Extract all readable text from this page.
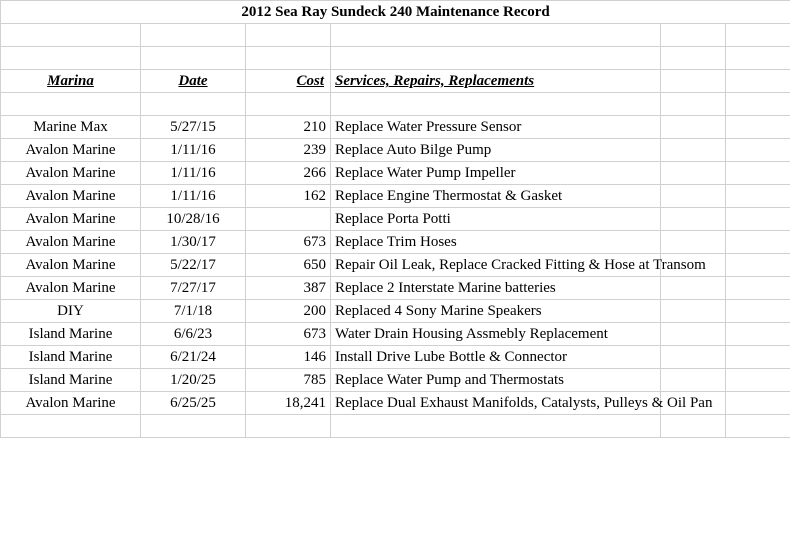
2012 Sea Ray Sundeck 240 Maintenance Record					

Marina	Date	Cost	Services, Repairs, Replacements		

Marine Max	5/27/15	210	Replace Water Pressure Sensor		
Avalon Marine	1/11/16	239	Replace Auto Bilge Pump		
Avalon Marine	1/11/16	266	Replace Water Pump Impeller		
Avalon Marine	1/11/16	162	Replace Engine Thermostat & Gasket		
Avalon Marine	10/28/16		Replace Porta Potti		
Avalon Marine	1/30/17	673	Replace Trim Hoses		
Avalon Marine	5/22/17	650	Repair Oil Leak, Replace Cracked Fitting & Hose at Transom		
Avalon Marine	7/27/17	387	Replace 2 Interstate Marine batteries		
DIY	7/1/18	200	Replaced 4 Sony Marine Speakers		
Island Marine	6/6/23	673	Water Drain Housing Assmebly Replacement		
Island Marine	6/21/24	146	Install Drive Lube Bottle & Connector		
Island Marine	1/20/25	785	Replace Water Pump and Thermostats		
Avalon Marine	6/25/25	18,241	Replace Dual Exhaust Manifolds, Catalysts, Pulleys & Oil Pan		
